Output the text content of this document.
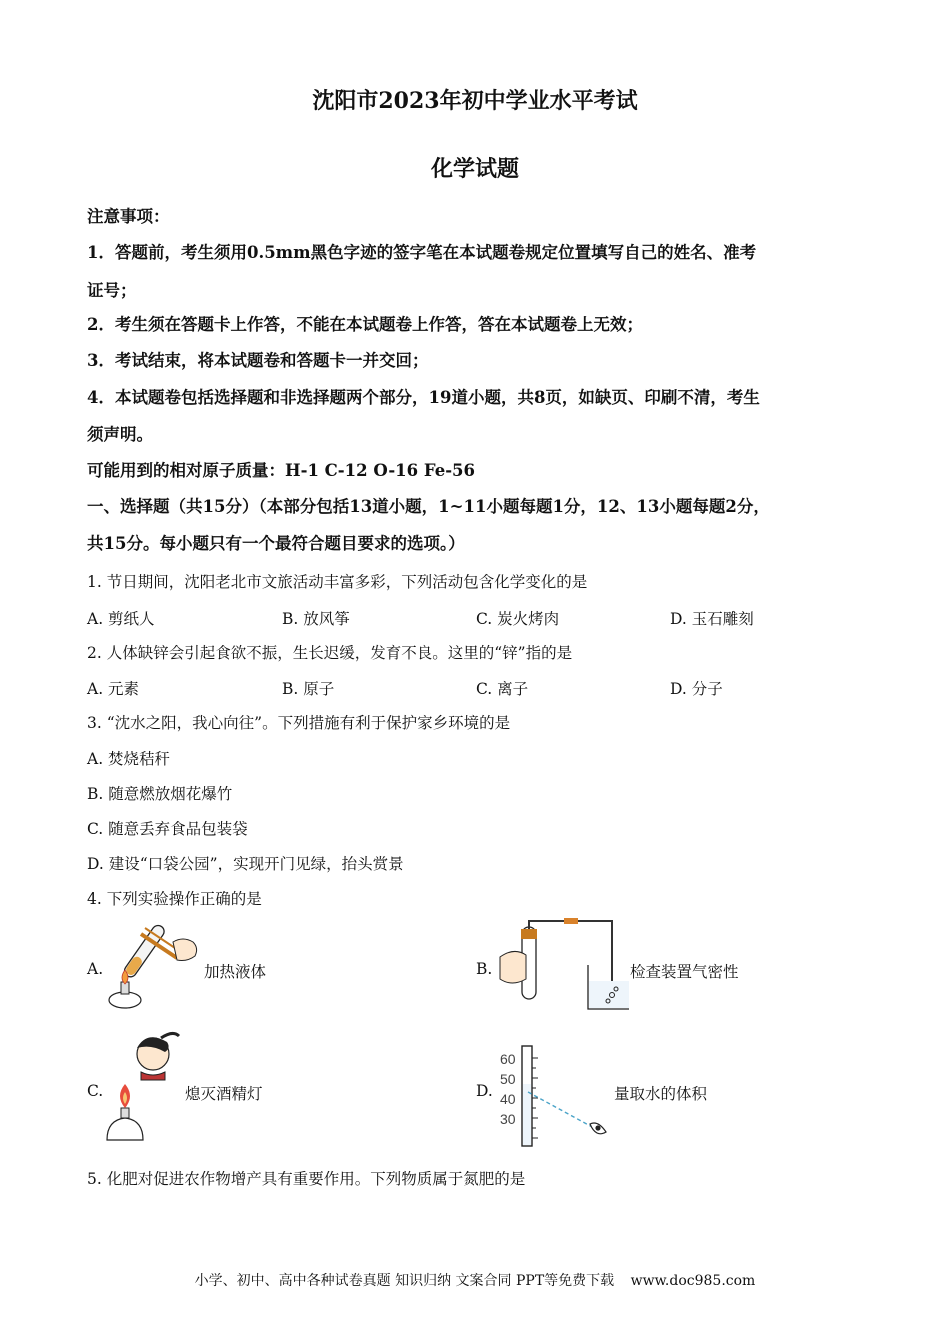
沈阳市2023年初中学业水平考试
化学试题
注意事项：
1．答题前，考生须用0.5mm黑色字迹的签字笔在本试题卷规定位置填写自己的姓名、准考
证号；
2．考生须在答题卡上作答，不能在本试题卷上作答，答在本试题卷上无效；
3．考试结束，将本试题卷和答题卡一并交回；
4．本试题卷包括选择题和非选择题两个部分，19道小题，共8页，如缺页、印刷不清，考生
须声明。
可能用到的相对原子质量：H-1 C-12 O-16 Fe-56
一、选择题（共15分）（本部分包括13道小题，1~11小题每题1分，12、13小题每题2分，
共15分。每小题只有一个最符合题目要求的选项。）
1. 节日期间，沈阳老北市文旅活动丰富多彩，下列活动包含化学变化的是
A. 剪纸人	B. 放风筝	C. 炭火烤肉	D. 玉石雕刻
2. 人体缺锌会引起食欲不振，生长迟缓，发育不良。这里的“锌”指的是
A. 元素	B. 原子	C. 离子	D. 分子
3. “沈水之阳，我心向往”。下列措施有利于保护家乡环境的是
A. 焚烧秸秆
B. 随意燃放烟花爆竹
C. 随意丢弃食品包装袋
D. 建设“口袋公园”，实现开门见绿，抬头赏景
4. 下列实验操作正确的是
A.	加热液体	B.	检查装置气密性
C.	熄灭酒精灯	D.
60
50
40
30
量取水的体积
5. 化肥对促进农作物增产具有重要作用。下列物质属于氮肥的是
小学、初中、高中各种试卷真题 知识归纳 文案合同 PPT等免费下载 www.doc985.com
